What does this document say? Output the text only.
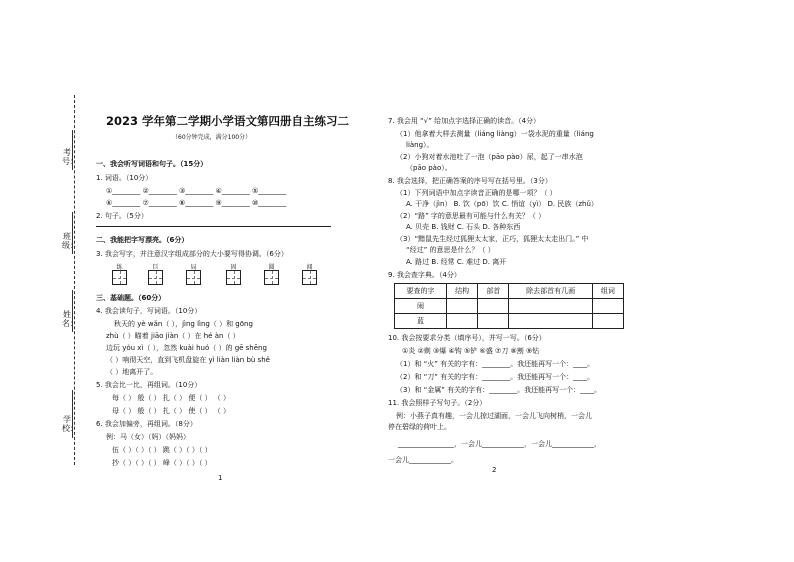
考号：
班级：
姓名：
学校：
2023 学年第二学期小学语文第四册自主练习二
（60分钟完成，满分100分）
一、我会听写词语和句子。（15分）
1. 词语。（10分）
①________ ②________ ③________ ④________ ⑤________
⑥________ ⑦________ ⑧________ ⑨________ ⑩________
2. 句子。（5分）
二、我能把字写漂亮。（6分）
3. 我会写字，并注意汉字组成部分的大小要写得协调。（6分）
练	巨	局	固	圆	闻
三、基础题。（60分）
4. 我会读句子，写词语。（10分）
秋天的 yè wǎn（ ），jìng lìng（ ）和 gōng
zhù（ ）瞄着 jiāo jiàn（ ）在 hé àn（ ）
边玩 yóu xì（ ），忽然 kuài huó（ ）的 gē shēng
（ ）响彻天空，直到飞机盘旋在 yì liàn liàn bù shě
（ ）地离开了。
5. 我会比一比，再组词。（10分）
每（ ） 般（ ） 扎（ ） 便（ ） （ ）
母（ ） 般（ ） 扎（ ） 使（ ） （ ）
6. 我会加偏旁，再组词。（8分）
例：马（女）（妈）（妈妈）
伍（ ）（ ）（ ） 跳（ ）（ ）（ ）
抄（ ）（ ）（ ） 峰（ ）（ ）（ ）
1
7. 我会用 “√” 给加点字选择正确的读音。（4分）
（1）他拿着大样去测量（liáng liàng）一袋水泥的重量（liáng
liàng）。
（2）小狗对着水池吐了一泡（pāo pào）尿，起了一串水泡
（pāo pào）。
8. 我会选择，把正确答案的序号写在括号里。（3分）
（1）下列词语中加点字读音正确的是哪一项？（ ）
A. 干净（jìn） B. 饮（pō）饮 C. 悄谊（yì） D. 民族（zhǔ）
（2）“路” 字的意思最有可能与什么有关？（ ）
A. 贝壳 B. 钱财 C. 石头 D. 各种东西
（3）“黯鼠先生经过狐狸太太家，正巧，狐狸太太走出门。” 中
“经过” 的意思是什么？（ ）
A. 路过 B. 经常 C. 难过 D. 离开
9. 我会查字典。（4分）
要查的字	结构	部首	除去部首有几画	组词
闹				
蓝				
10. 我会按要求分类（填序号），并写一写。（6分）
①炎 ②剃 ③爆 ④钩 ⑤铲 ⑥盛 ⑦刀 ⑧割 ⑨钻
（1）和 “火” 有关的字有：________。我还能再写一个：____。
（2）和 “刀” 有关的字有：________。我还能再写一个：____。
（3）和 “金属” 有关的字有：________。我还能再写一个：____。
11. 我会照样子写句子。（2分）
例：小燕子真有趣，一会儿掠过湖面，一会儿飞向树梢，一会儿
停在碧绿的荷叶上。
________________，一会儿____________，一会儿____________，
一会儿____________。
2
